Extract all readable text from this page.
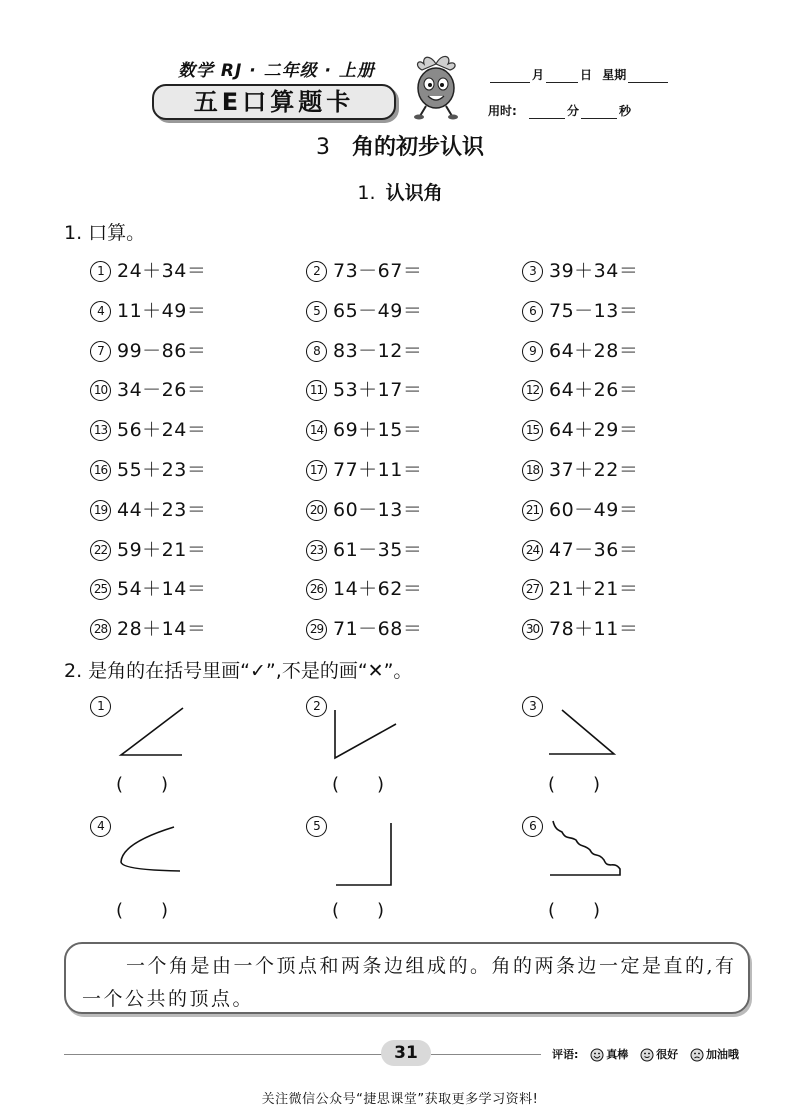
数学 RJ · 二年级 · 上册
五E口算题卡
月	日 星期
用时:	分	秒
3 角的初步认识
1. 认识角
1. 口算。
1 24＋34＝	2 73－67＝	3 39＋34＝
4 11＋49＝	5 65－49＝	6 75－13＝
7 99－86＝	8 83－12＝	9 64＋28＝
10 34－26＝	11 53＋17＝	12 64＋26＝
13 56＋24＝	14 69＋15＝	15 64＋29＝
16 55＋23＝	17 77＋11＝	18 37＋22＝
19 44＋23＝	20 60－13＝	21 60－49＝
22 59＋21＝	23 61－35＝	24 47－36＝
25 54＋14＝	26 14＋62＝	27 21＋21＝
28 28＋14＝	29 71－68＝	30 78＋11＝
2. 是角的在括号里画“✓”,不是的画“✕”。
1
( )
2
( )
3
( )
4
( )
5
( )
6
( )
一个角是由一个顶点和两条边组成的。角的两条边一定是直的,有一个公共的顶点。
31	评语:	真棒	很好	加油哦
关注微信公众号“捷思课堂”获取更多学习资料!
